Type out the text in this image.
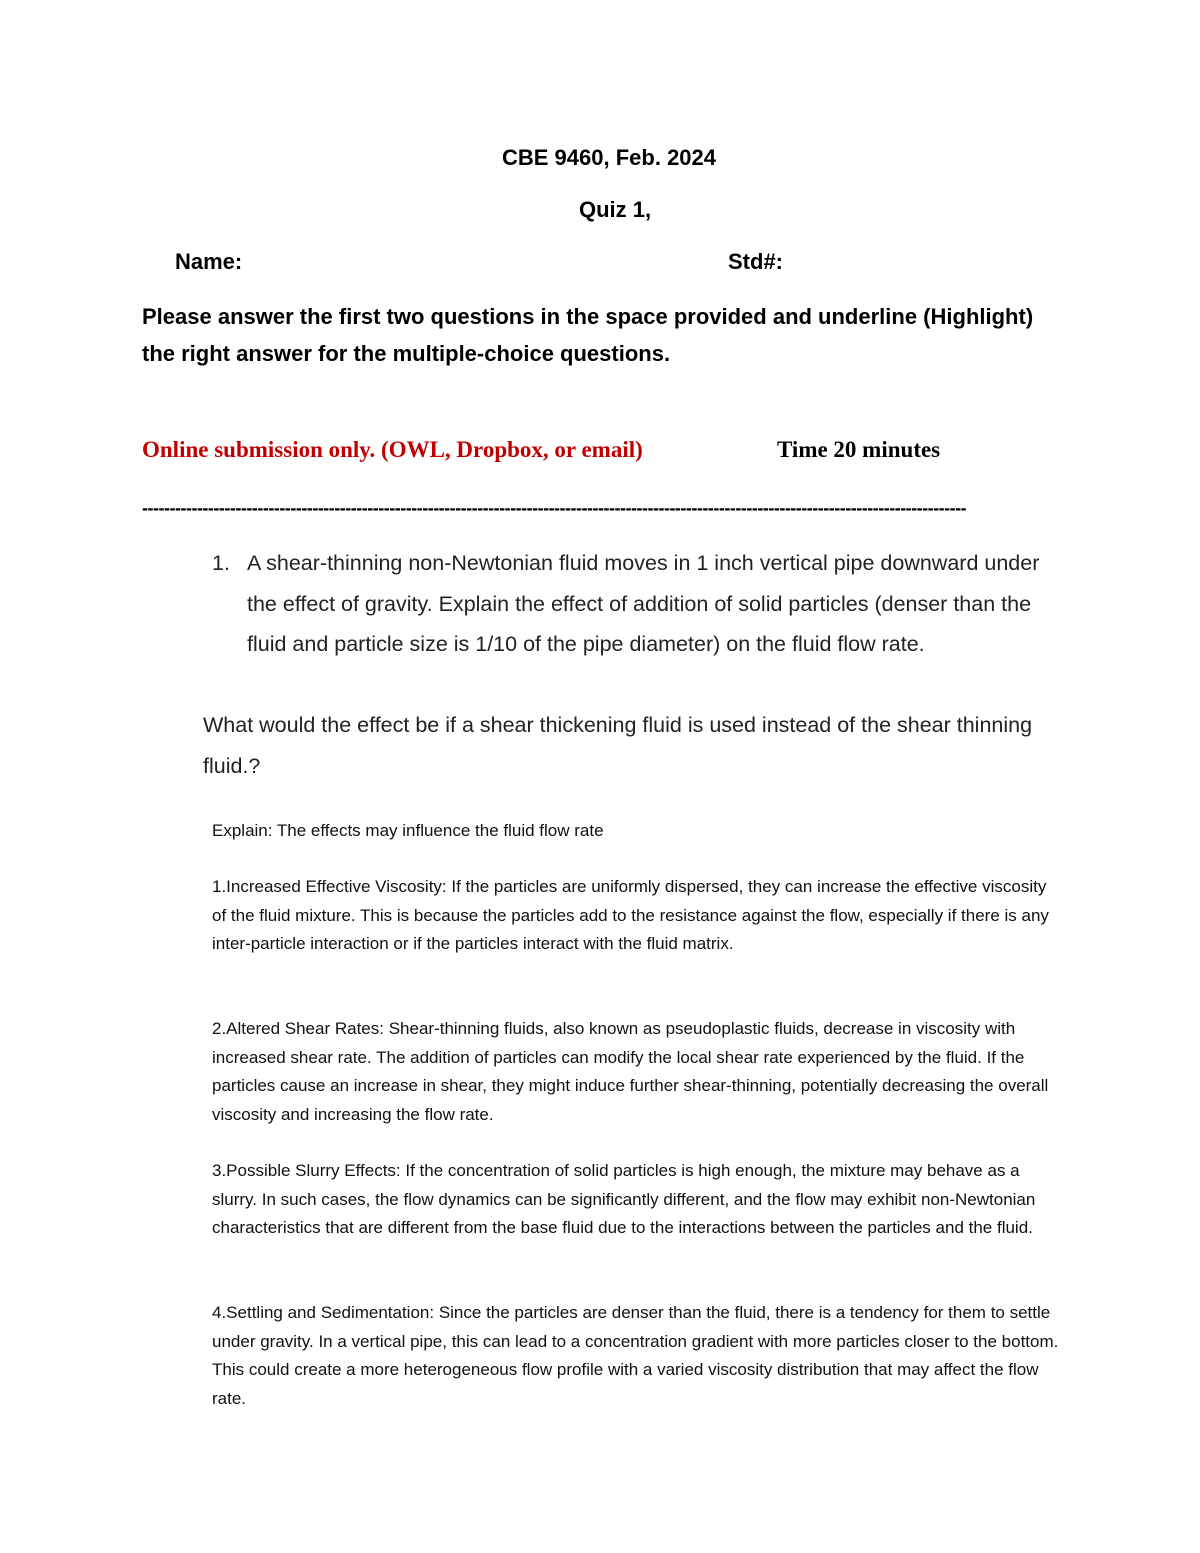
CBE 9460, Feb. 2024
Quiz 1,
Name:	Std#:
Please answer the first two questions in the space provided and underline (Highlight) the right answer for the multiple-choice questions.
Online submission only. (OWL, Dropbox, or email)	Time 20 minutes
------------------------------------------------------------------------------------------------------------------------------------------------------
1. A shear-thinning non-Newtonian fluid moves in 1 inch vertical pipe downward under the effect of gravity. Explain the effect of addition of solid particles (denser than the fluid and particle size is 1/10 of the pipe diameter) on the fluid flow rate.
What would the effect be if a shear thickening fluid is used instead of the shear thinning fluid.?

Explain: The effects may influence the fluid flow rate

1.Increased Effective Viscosity: If the particles are uniformly dispersed, they can increase the effective viscosity of the fluid mixture. This is because the particles add to the resistance against the flow, especially if there is any inter-particle interaction or if the particles interact with the fluid matrix.

2.Altered Shear Rates: Shear-thinning fluids, also known as pseudoplastic fluids, decrease in viscosity with increased shear rate. The addition of particles can modify the local shear rate experienced by the fluid. If the particles cause an increase in shear, they might induce further shear-thinning, potentially decreasing the overall viscosity and increasing the flow rate.

3.Possible Slurry Effects: If the concentration of solid particles is high enough, the mixture may behave as a slurry. In such cases, the flow dynamics can be significantly different, and the flow may exhibit non-Newtonian characteristics that are different from the base fluid due to the interactions between the particles and the fluid.

4.Settling and Sedimentation: Since the particles are denser than the fluid, there is a tendency for them to settle under gravity. In a vertical pipe, this can lead to a concentration gradient with more particles closer to the bottom. This could create a more heterogeneous flow profile with a varied viscosity distribution that may affect the flow rate.
